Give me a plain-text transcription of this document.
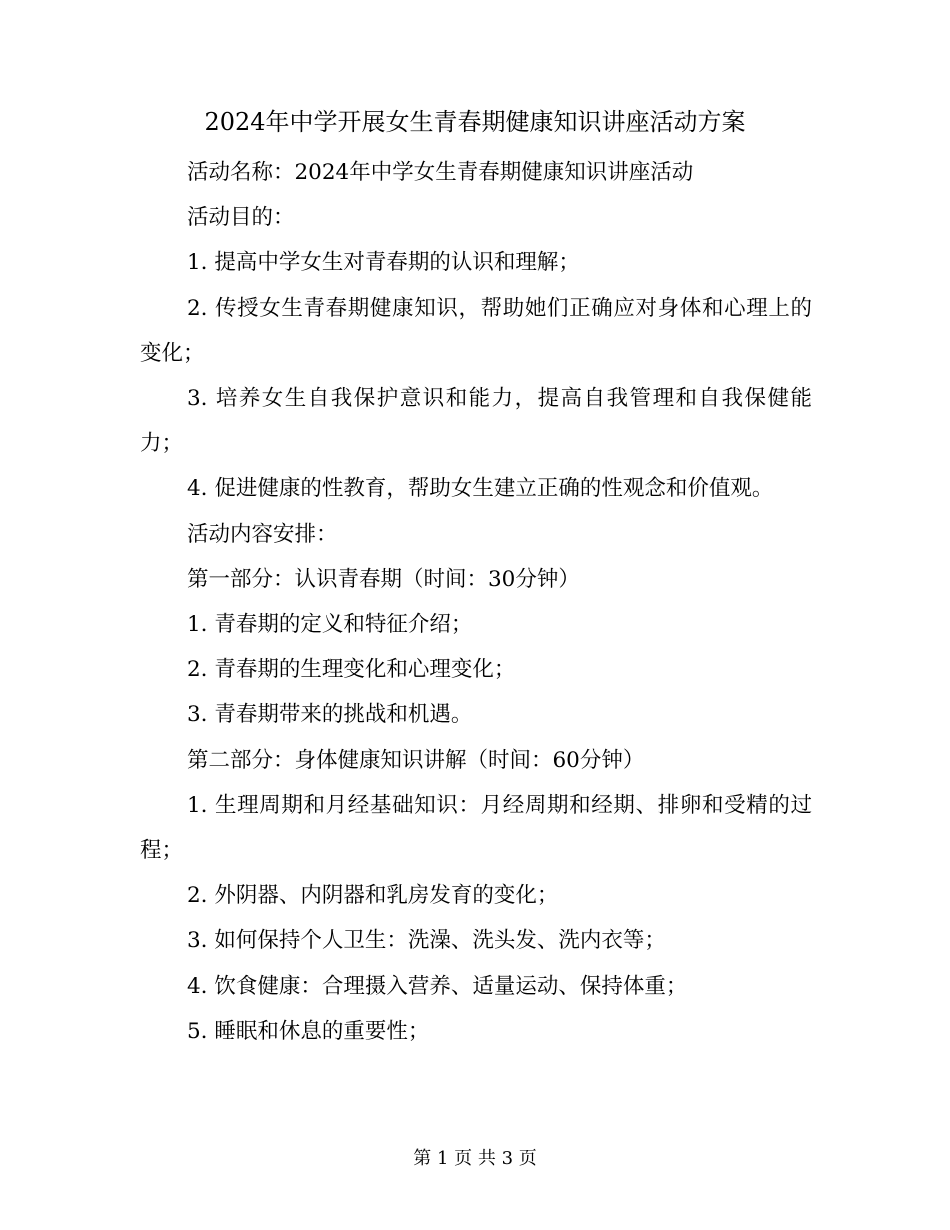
2024年中学开展女生青春期健康知识讲座活动方案

活动名称：2024年中学女生青春期健康知识讲座活动

活动目的：

1. 提高中学女生对青春期的认识和理解；

2. 传授女生青春期健康知识，帮助她们正确应对身体和心理上的变化；

3. 培养女生自我保护意识和能力，提高自我管理和自我保健能力；

4. 促进健康的性教育，帮助女生建立正确的性观念和价值观。

活动内容安排：

第一部分：认识青春期（时间：30分钟）

1. 青春期的定义和特征介绍；

2. 青春期的生理变化和心理变化；

3. 青春期带来的挑战和机遇。

第二部分：身体健康知识讲解（时间：60分钟）

1. 生理周期和月经基础知识：月经周期和经期、排卵和受精的过程；

2. 外阴器、内阴器和乳房发育的变化；

3. 如何保持个人卫生：洗澡、洗头发、洗内衣等；

4. 饮食健康：合理摄入营养、适量运动、保持体重；

5. 睡眠和休息的重要性；

第 1 页 共 3 页
